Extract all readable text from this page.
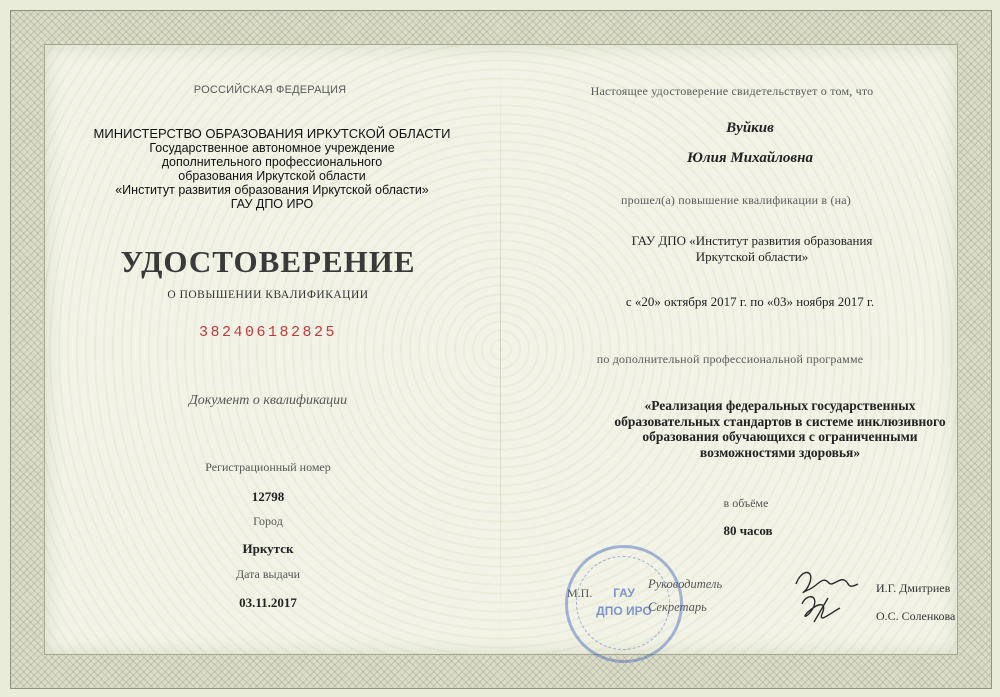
РОССИЙСКАЯ ФЕДЕРАЦИЯ
МИНИСТЕРСТВО ОБРАЗОВАНИЯ ИРКУТСКОЙ ОБЛАСТИ
Государственное автономное учреждение
дополнительного профессионального
образования Иркутской области
«Институт развития образования Иркутской области»
ГАУ ДПО ИРО
УДОСТОВЕРЕНИЕ
О ПОВЫШЕНИИ КВАЛИФИКАЦИИ
382406182825
Документ о квалификации
Регистрационный номер
12798
Город
Иркутск
Дата выдачи
03.11.2017
Настоящее удостоверение свидетельствует о том, что
Вуйкив
Юлия Михайловна
прошел(а) повышение квалификации в (на)
ГАУ ДПО «Институт развития образования
Иркутской области»
с «20» октября 2017 г. по «03» ноября 2017 г.
по дополнительной профессиональной программе
«Реализация федеральных государственных
образовательных стандартов в системе инклюзивного
образования обучающихся с ограниченными
возможностями здоровья»
в объёме
80 часов
М.П.
Руководитель
Секретарь
И.Г. Дмитриев
О.С. Соленкова
ГАУ
ДПО ИРО
